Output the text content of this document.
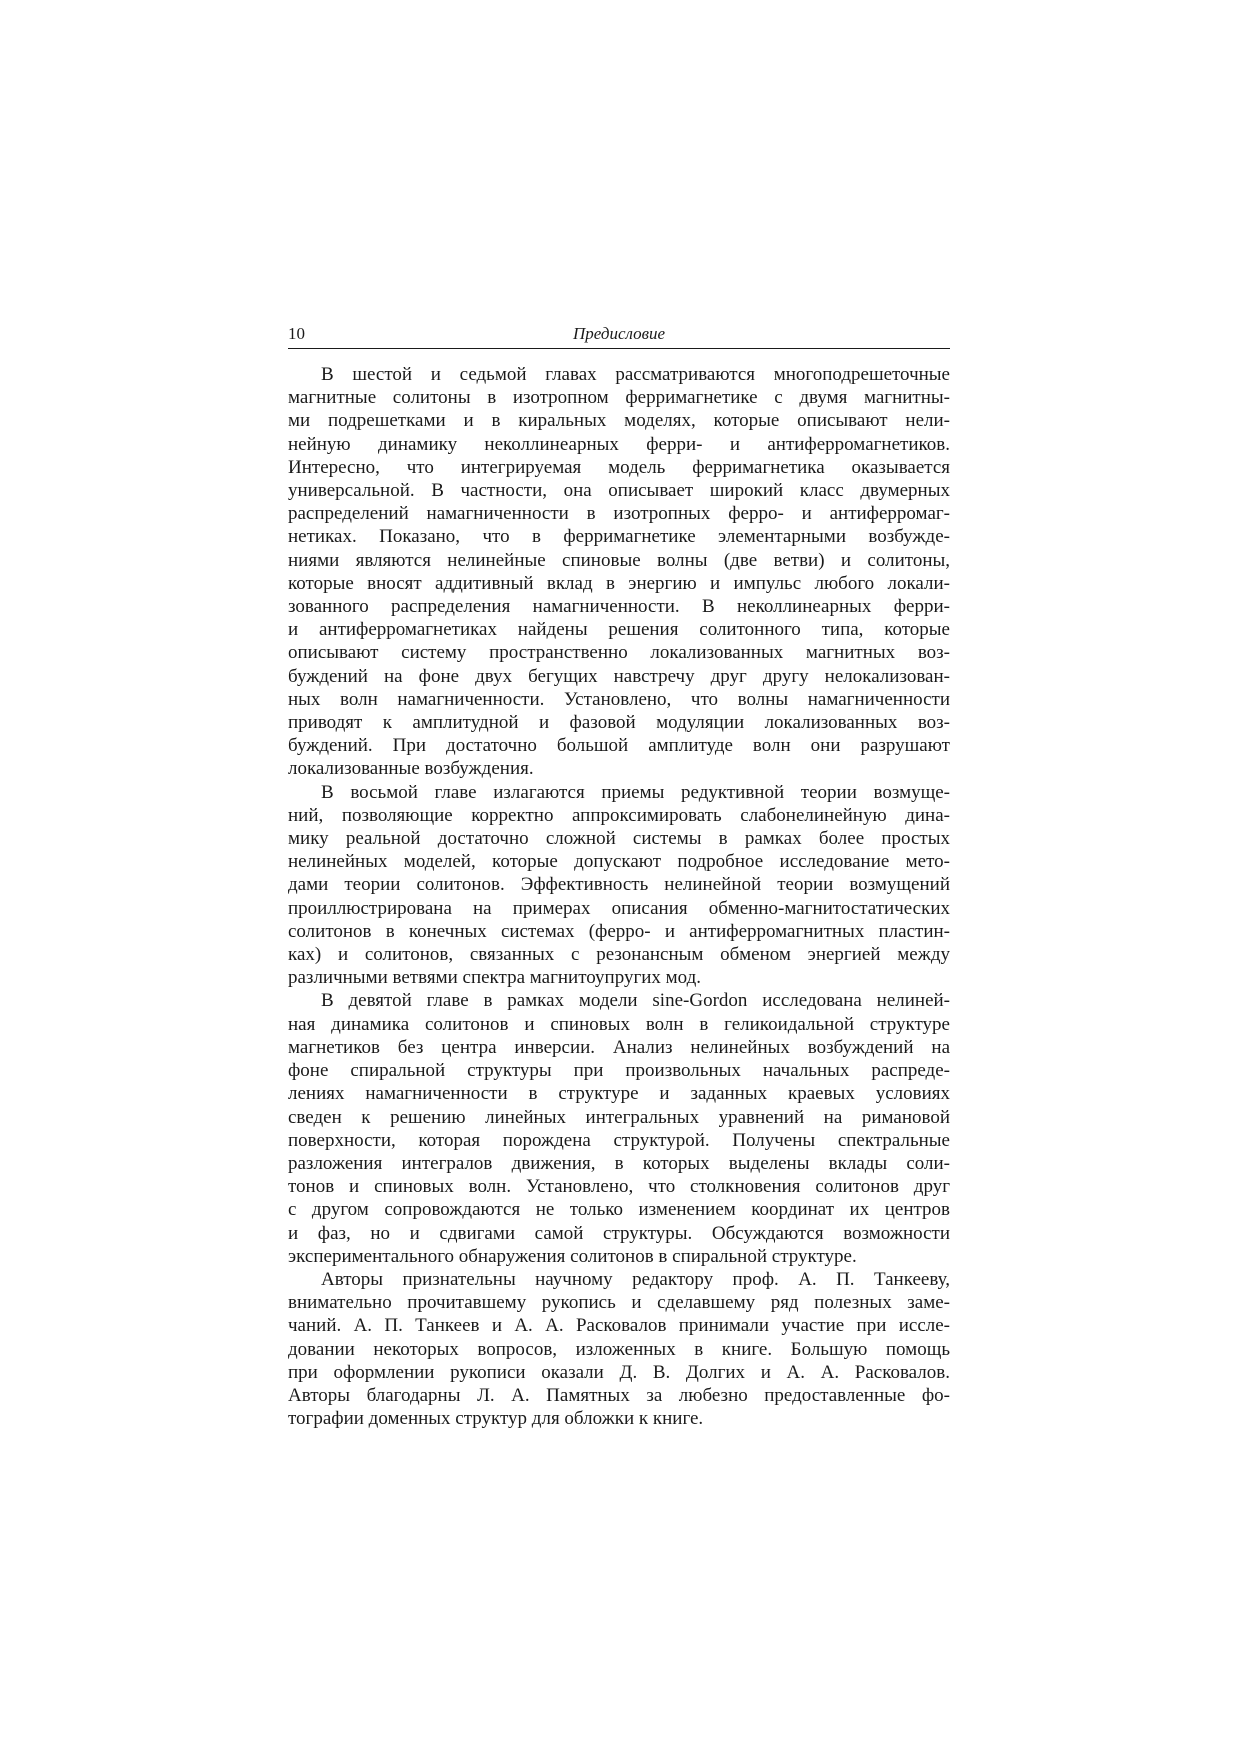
10	Предисловие

В шестой и седьмой главах рассматриваются многоподрешеточные
магнитные солитоны в изотропном ферримагнетике с двумя магнитны-
ми подрешетками и в киральных моделях, которые описывают нели-
нейную динамику неколлинеарных ферри- и антиферромагнетиков.
Интересно, что интегрируемая модель ферримагнетика оказывается
универсальной. В частности, она описывает широкий класс двумерных
распределений намагниченности в изотропных ферро- и антиферромаг-
нетиках. Показано, что в ферримагнетике элементарными возбужде-
ниями являются нелинейные спиновые волны (две ветви) и солитоны,
которые вносят аддитивный вклад в энергию и импульс любого локали-
зованного распределения намагниченности. В неколлинеарных ферри-
и антиферромагнетиках найдены решения солитонного типа, которые
описывают систему пространственно локализованных магнитных воз-
буждений на фоне двух бегущих навстречу друг другу нелокализован-
ных волн намагниченности. Установлено, что волны намагниченности
приводят к амплитудной и фазовой модуляции локализованных воз-
буждений. При достаточно большой амплитуде волн они разрушают
локализованные возбуждения.

В восьмой главе излагаются приемы редуктивной теории возмуще-
ний, позволяющие корректно аппроксимировать слабонелинейную дина-
мику реальной достаточно сложной системы в рамках более простых
нелинейных моделей, которые допускают подробное исследование мето-
дами теории солитонов. Эффективность нелинейной теории возмущений
проиллюстрирована на примерах описания обменно-магнитостатических
солитонов в конечных системах (ферро- и антиферромагнитных пластин-
ках) и солитонов, связанных с резонансным обменом энергией между
различными ветвями спектра магнитоупругих мод.

В девятой главе в рамках модели sine-Gordon исследована нелиней-
ная динамика солитонов и спиновых волн в геликоидальной структуре
магнетиков без центра инверсии. Анализ нелинейных возбуждений на
фоне спиральной структуры при произвольных начальных распреде-
лениях намагниченности в структуре и заданных краевых условиях
сведен к решению линейных интегральных уравнений на римановой
поверхности, которая порождена структурой. Получены спектральные
разложения интегралов движения, в которых выделены вклады соли-
тонов и спиновых волн. Установлено, что столкновения солитонов друг
с другом сопровождаются не только изменением координат их центров
и фаз, но и сдвигами самой структуры. Обсуждаются возможности
экспериментального обнаружения солитонов в спиральной структуре.

Авторы признательны научному редактору проф. А. П. Танкееву,
внимательно прочитавшему рукопись и сделавшему ряд полезных заме-
чаний. А. П. Танкеев и А. А. Расковалов принимали участие при иссле-
довании некоторых вопросов, изложенных в книге. Большую помощь
при оформлении рукописи оказали Д. В. Долгих и А. А. Расковалов.
Авторы благодарны Л. А. Памятных за любезно предоставленные фо-
тографии доменных структур для обложки к книге.
